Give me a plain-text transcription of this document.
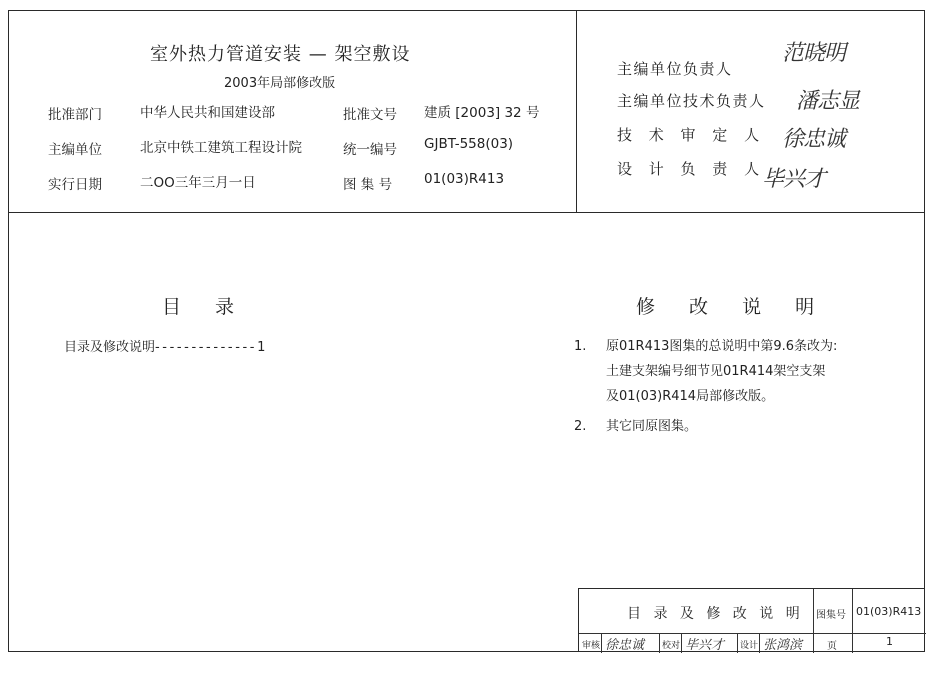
室外热力管道安装 — 架空敷设
2003年局部修改版
批准部门	中华人民共和国建设部	批准文号 建质 [2003] 32 号
主编单位	北京中铁工建筑工程设计院	统一编号 GJBT-558(03)
实行日期	二OO三年三月一日	图 集 号 01(03)R413
主编单位负责人
范晓明
主编单位技术负责人 潘志显
技 术 审 定 人 徐忠诚
设 计 负 责 人
毕兴才
目 录
目录及修改说明--------------1
修 改 说 明
1. 原01R413图集的总说明中第9.6条改为:
土建支架编号细节见01R414架空支架
及01(03)R414局部修改版。
2. 其它同原图集。
目 录 及 修 改 说 明 图集号 01(03)R413
页	1
审核 徐忠诚 校对 毕兴才 设计 张鸿滨
